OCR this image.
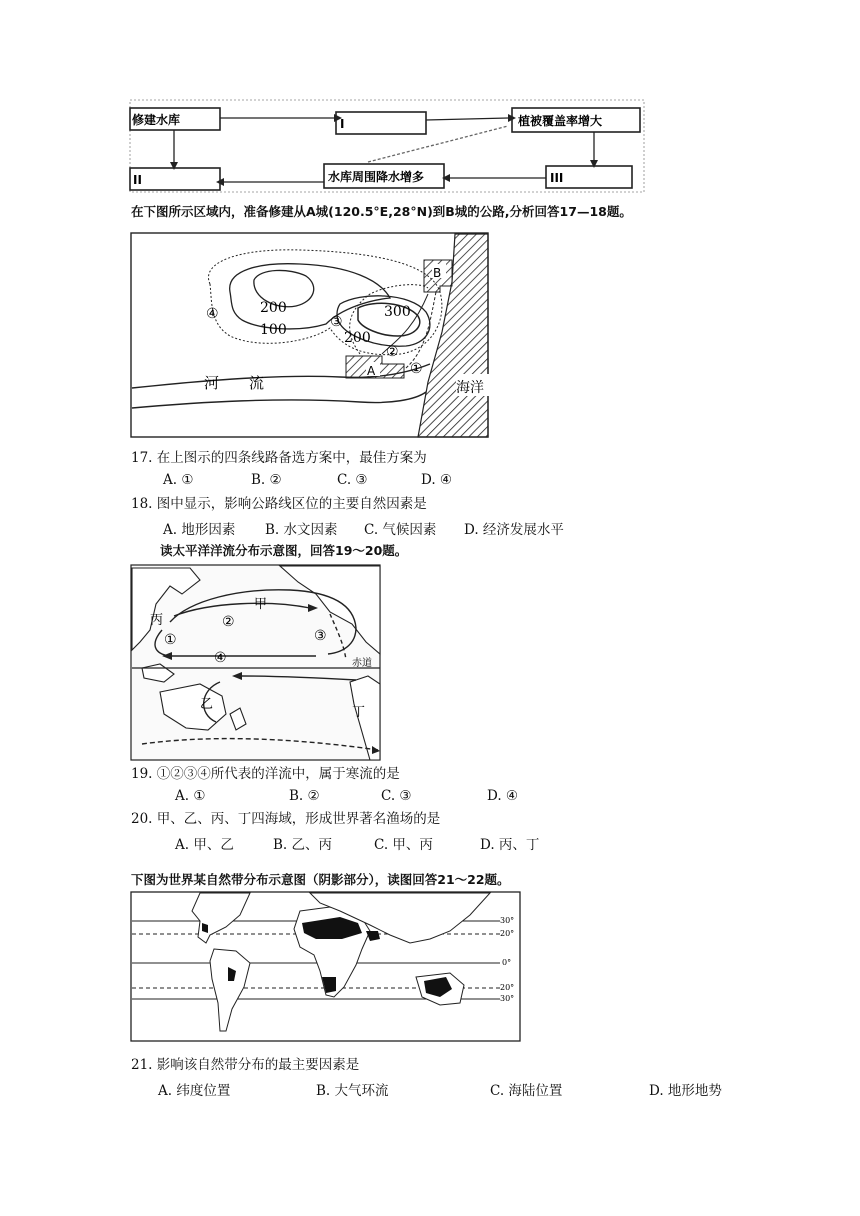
修建水库	I	植被覆盖率增大
II	水库周围降水增多	III
在下图所示区域内，准备修建从A城(120.5°E,28°N)到B城的公路,分析回答17—18题。
海洋
河　　流
200
100
300
200
A
B
①
②
③
④
17. 在上图示的四条线路备选方案中，最佳方案为
A. ①	B. ②	C. ③	D. ④
18. 图中显示，影响公路线区位的主要自然因素是
A. 地形因素 B. 水文因素 C. 气候因素 D. 经济发展水平
读太平洋洋流分布示意图，回答19～20题。
甲
丙
乙
丁
①
②
③
④	赤道
19. ①②③④所代表的洋流中，属于寒流的是
A. ①	B. ②	C. ③	D. ④
20. 甲、乙、丙、丁四海域，形成世界著名渔场的是
A. 甲、乙	B. 乙、丙	C. 甲、丙	D. 丙、丁
下图为世界某自然带分布示意图（阴影部分），读图回答21～22题。
30°
20°
0°
20°
30°
21. 影响该自然带分布的最主要因素是
A. 纬度位置	B. 大气环流	C. 海陆位置	D. 地形地势
